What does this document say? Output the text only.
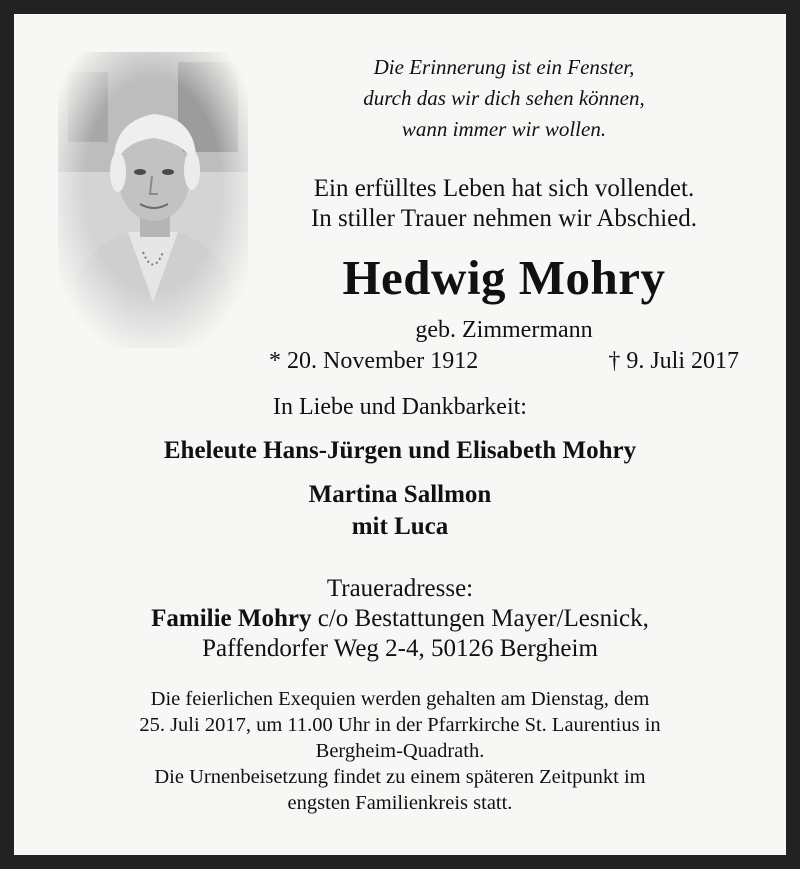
Die Erinnerung ist ein Fenster,
durch das wir dich sehen können,
wann immer wir wollen.
Ein erfülltes Leben hat sich vollendet.
In stiller Trauer nehmen wir Abschied.
Hedwig Mohry
geb. Zimmermann
* 20. November 1912	† 9. Juli 2017
In Liebe und Dankbarkeit:
Eheleute Hans-Jürgen und Elisabeth Mohry
Martina Sallmon
mit Luca
Traueradresse:
Familie Mohry c/o Bestattungen Mayer/Lesnick,
Paffendorfer Weg 2-4, 50126 Bergheim
Die feierlichen Exequien werden gehalten am Dienstag, dem
25. Juli 2017, um 11.00 Uhr in der Pfarrkirche St. Laurentius in
Bergheim-Quadrath.
Die Urnenbeisetzung findet zu einem späteren Zeitpunkt im
engsten Familienkreis statt.
